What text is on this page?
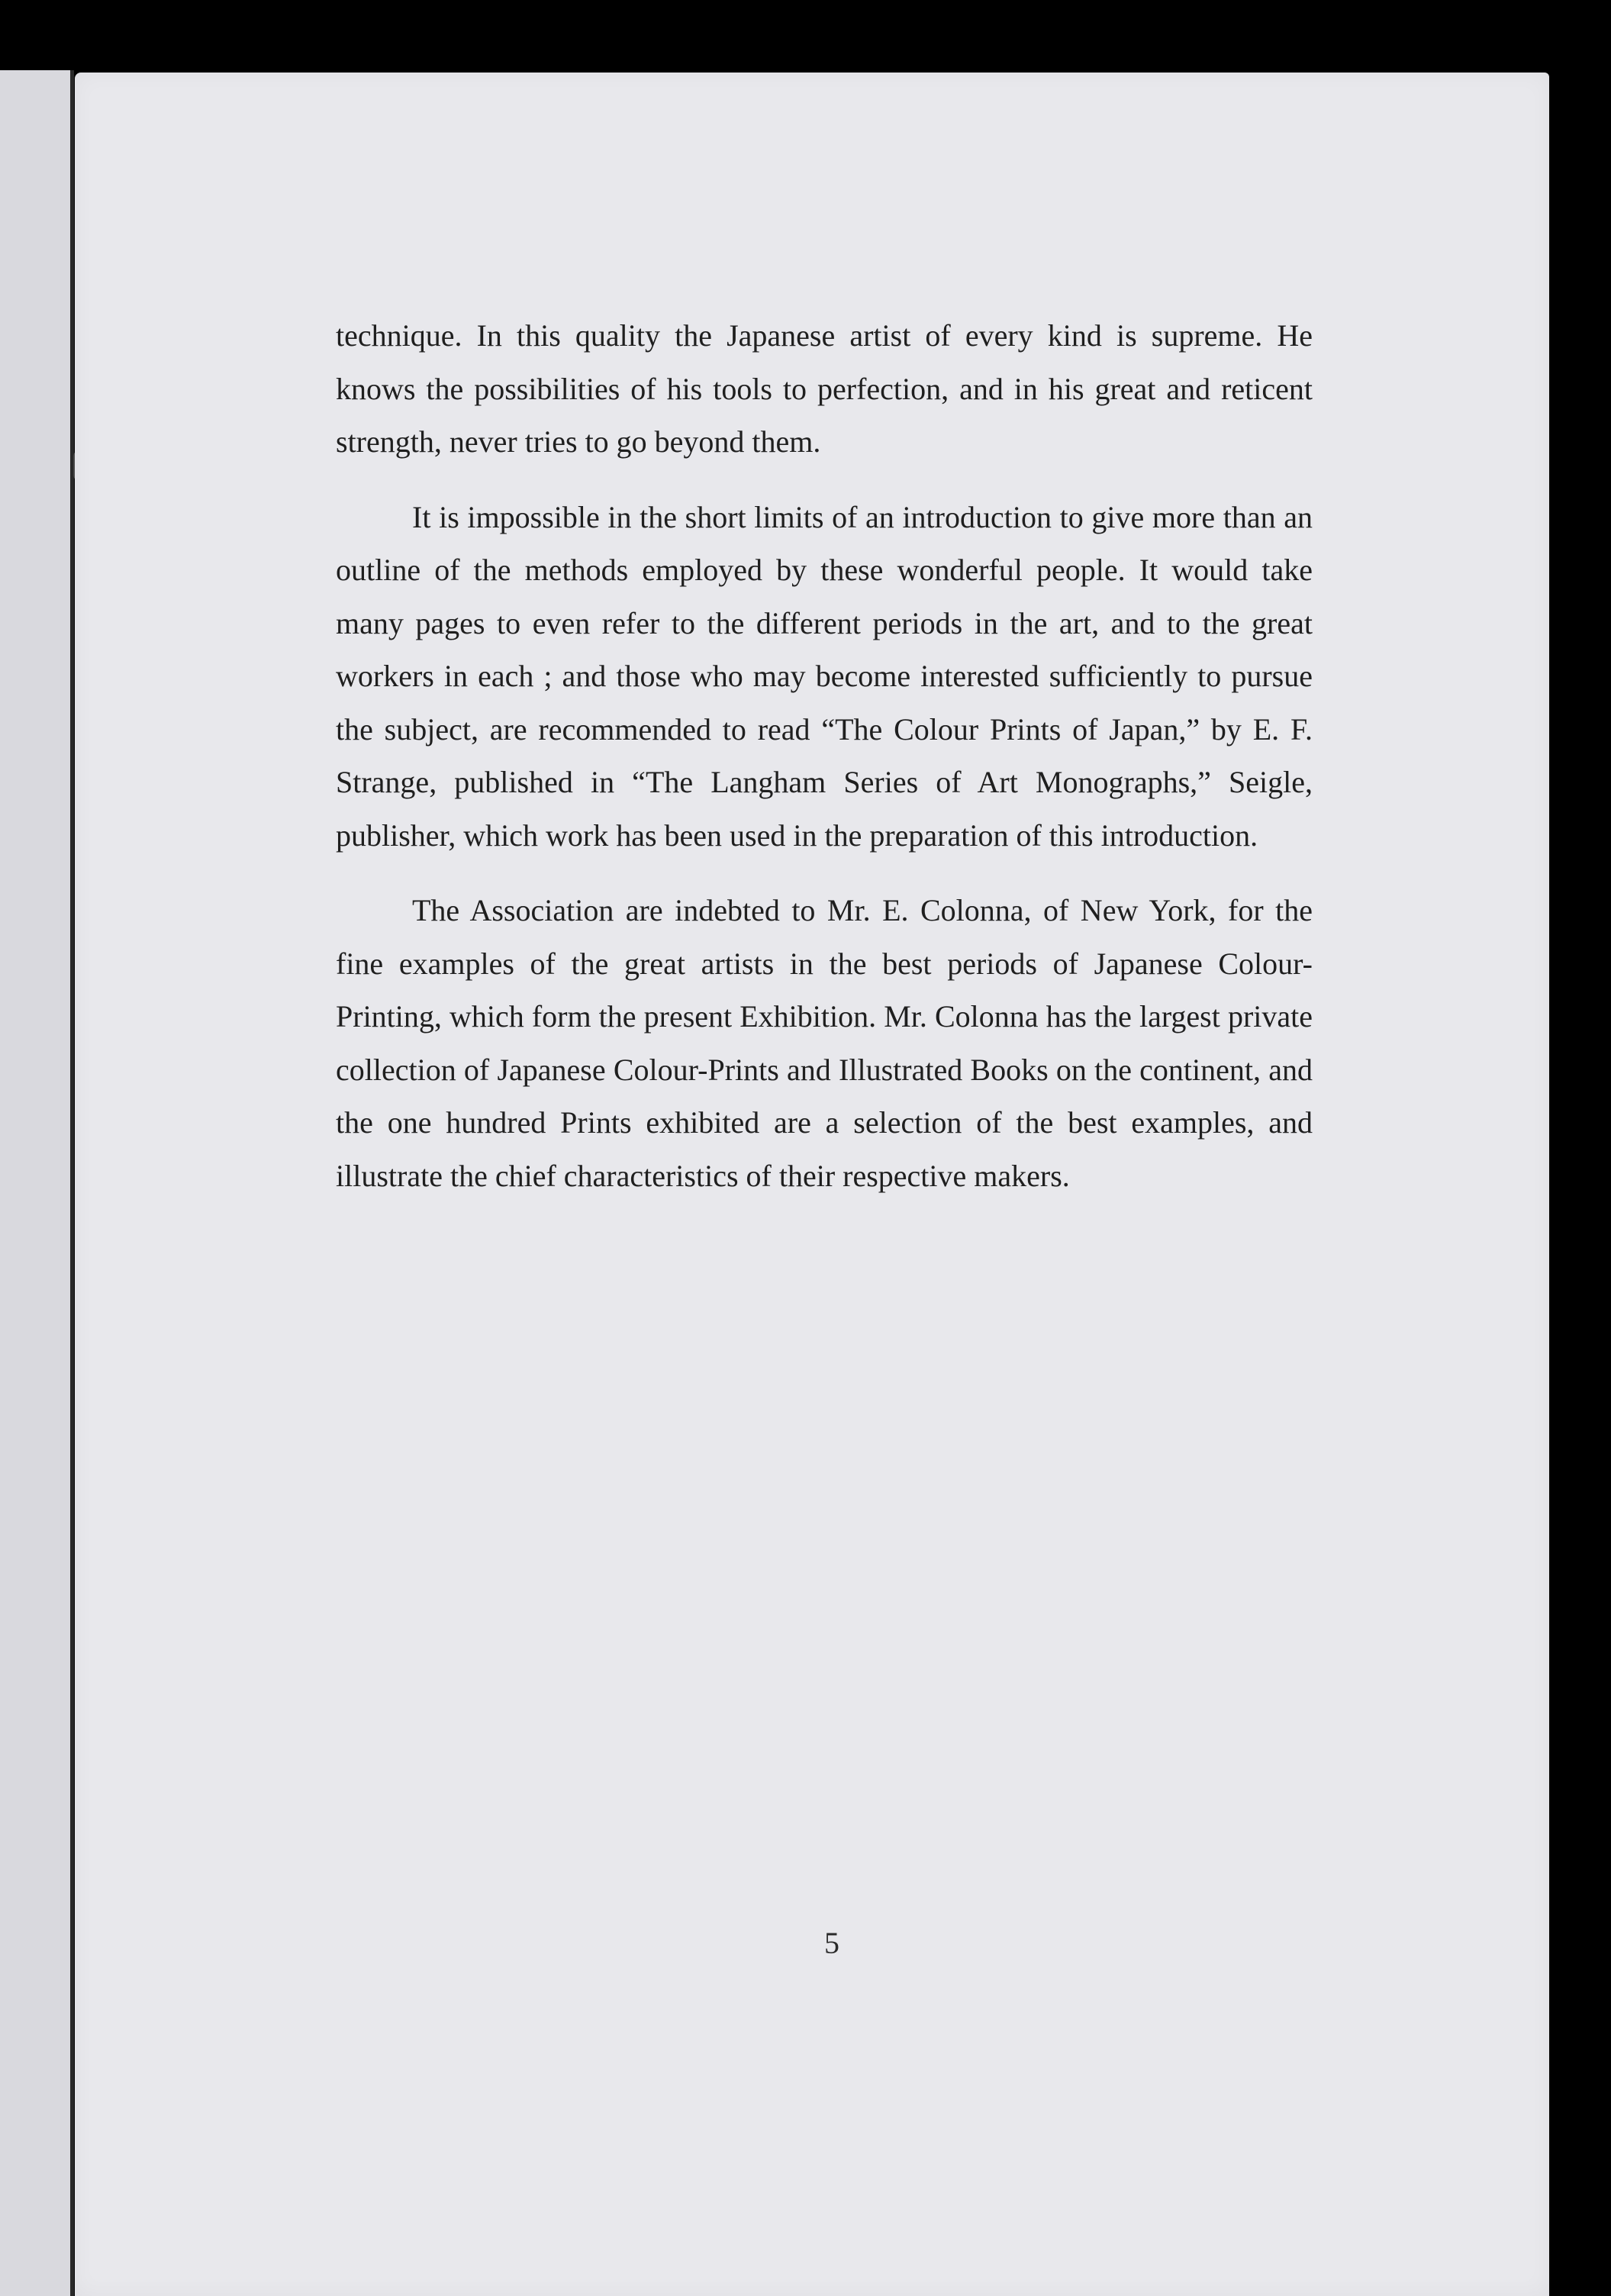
technique. In this quality the Japanese artist of every kind is supreme. He knows the possibilities of his tools to perfection, and in his great and reticent strength, never tries to go beyond them.

It is impossible in the short limits of an introduction to give more than an outline of the methods employed by these wonderful people. It would take many pages to even refer to the different periods in the art, and to the great workers in each ; and those who may become interested sufficiently to pursue the subject, are recommended to read “The Colour Prints of Japan,” by E. F. Strange, published in “The Langham Series of Art Monographs,” Seigle, publisher, which work has been used in the preparation of this introduction.

The Association are indebted to Mr. E. Colonna, of New York, for the fine examples of the great artists in the best periods of Japanese Colour-Printing, which form the present Exhibition. Mr. Colonna has the largest private collection of Japanese Colour-Prints and Illustrated Books on the continent, and the one hundred Prints exhibited are a selection of the best examples, and illustrate the chief characteristics of their respective makers.

5
